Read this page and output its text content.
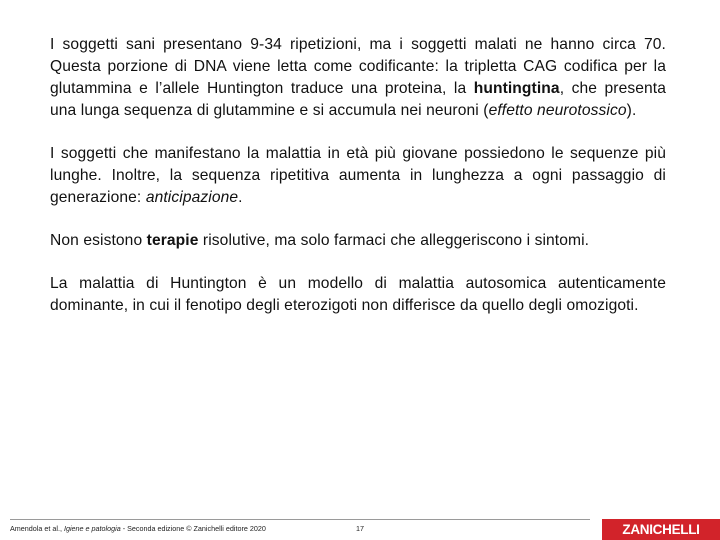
I soggetti sani presentano 9-34 ripetizioni, ma i soggetti malati ne hanno circa 70. Questa porzione di DNA viene letta come codificante: la tripletta CAG codifica per la glutammina e l’allele Huntington traduce una proteina, la huntingtina, che presenta una lunga sequenza di glutammine e si accumula nei neuroni (effetto neurotossico).

I soggetti che manifestano la malattia in età più giovane possiedono le sequenze più lunghe. Inoltre, la sequenza ripetitiva aumenta in lunghezza a ogni passaggio di generazione: anticipazione.

Non esistono terapie risolutive, ma solo farmaci che alleggeriscono i sintomi.

La malattia di Huntington è un modello di malattia autosomica autenticamente dominante, in cui il fenotipo degli eterozigoti non differisce da quello degli omozigoti.

Amendola et al., Igiene e patologia - Seconda edizione © Zanichelli editore 2020	17	ZANICHELLI
